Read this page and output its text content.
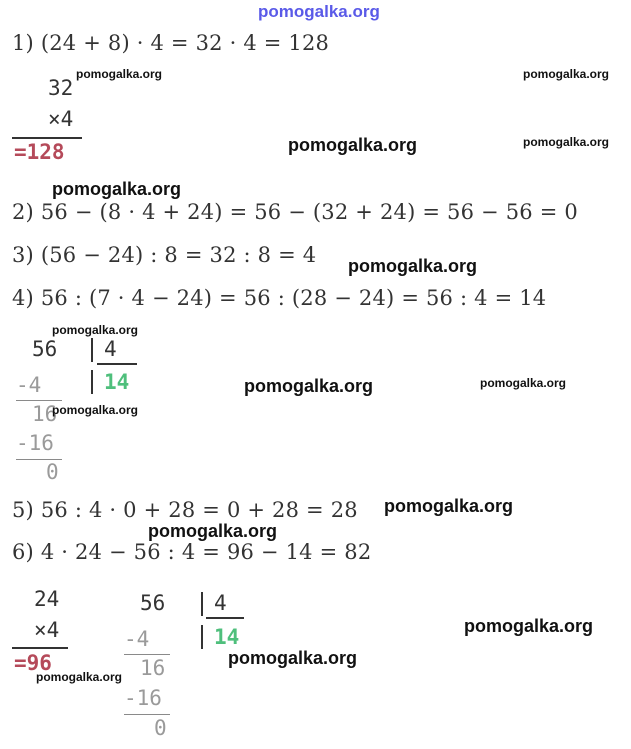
pomogalka.org
1) (24 + 8) · 4 = 32 · 4 = 128
32
×4
=128
pomogalka.org	pomogalka.org
pomogalka.org
pomogalka.org
pomogalka.org
2) 56 − (8 · 4 + 24) = 56 − (32 + 24) = 56 − 56 = 0
3) (56 − 24) : 8 = 32 : 8 = 4 pomogalka.org
4) 56 : (7 · 4 − 24) = 56 : (28 − 24) = 56 : 4 = 14
pomogalka.org
56 4
14
-4
16
pomogalka.org
-16
0
pomogalka.org	pomogalka.org
5) 56 : 4 · 0 + 28 = 0 + 28 = 28 pomogalka.org
pomogalka.org
6) 4 · 24 − 56 : 4 = 96 − 14 = 82
24
×4
=96
pomogalka.org
56 4
14
-4
16
-16
0
pomogalka.org
pomogalka.org
